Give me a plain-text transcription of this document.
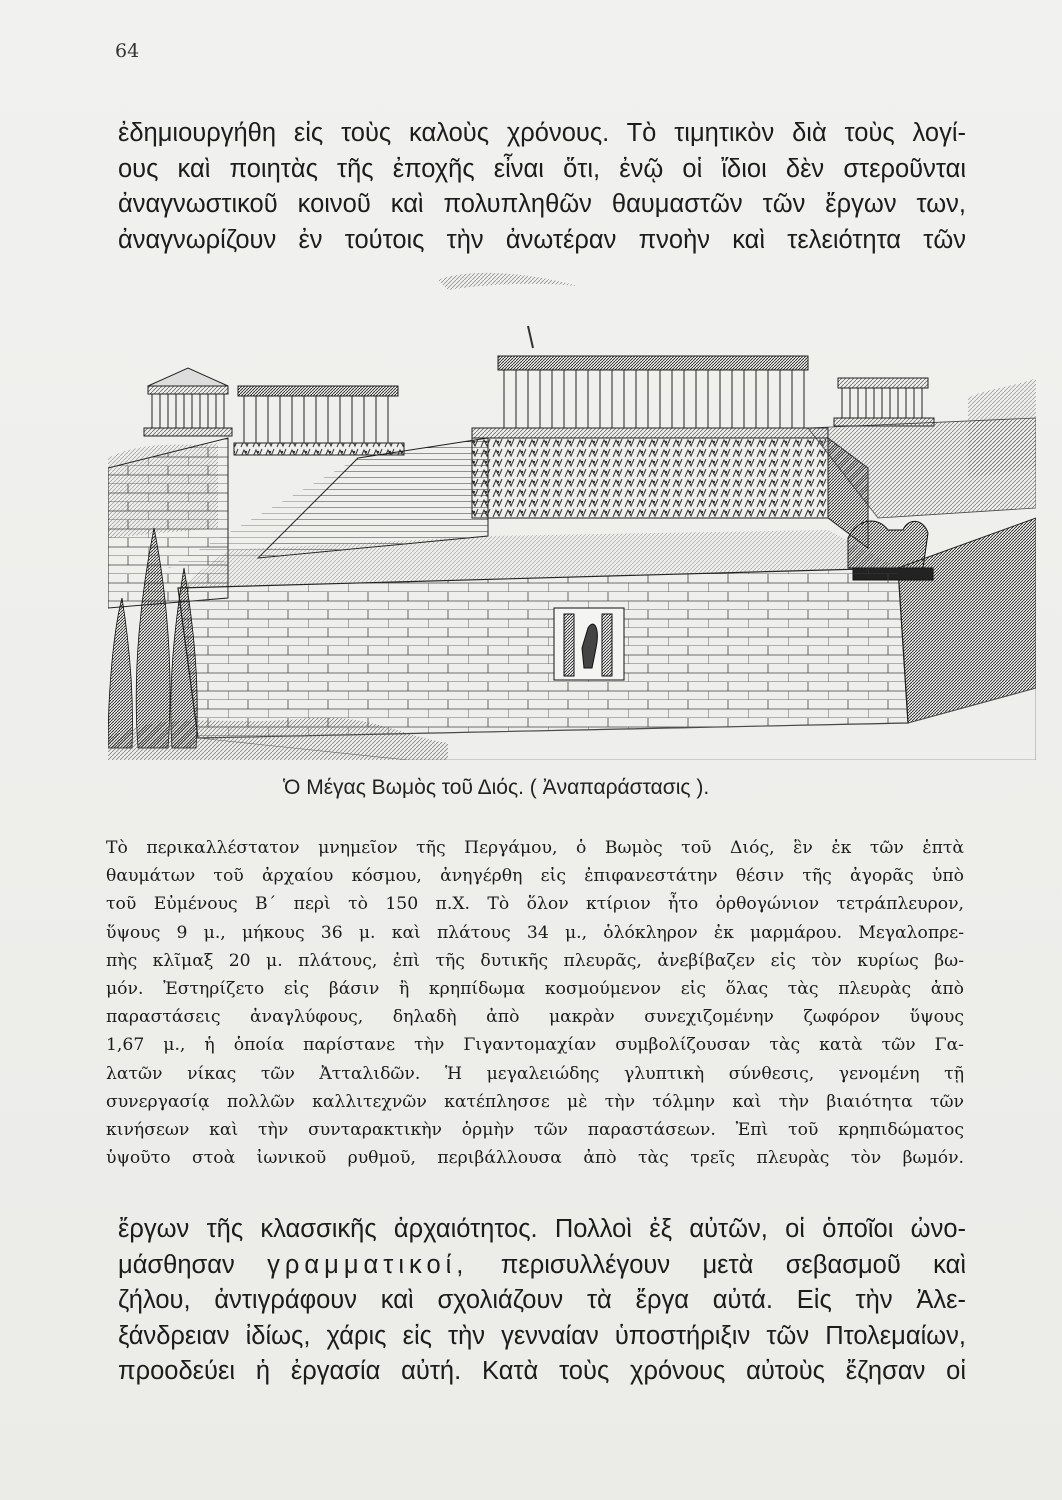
64
ἐδημιουργήθη εἰς τοὺς καλοὺς χρόνους. Τὸ τιμητικὸν διὰ τοὺς λογί-
ους καὶ ποιητὰς τῆς ἐποχῆς εἶναι ὅτι, ἐνῷ οἱ ἴδιοι δὲν στεροῦνται
ἀναγνωστικοῦ κοινοῦ καὶ πολυπληθῶν θαυμαστῶν τῶν ἔργων των,
ἀναγνωρίζουν ἐν τούτοις τὴν ἀνωτέραν πνοὴν καὶ τελειότητα τῶν
Ὁ Μέγας Βωμὸς τοῦ Διός. ( Ἀναπαράστασις ).
Τὸ περικαλλέστατον μνημεῖον τῆς Περγάμου, ὁ Βωμὸς τοῦ Διός, ἓν ἐκ τῶν ἑπτὰ
θαυμάτων τοῦ ἀρχαίου κόσμου, ἀνηγέρθη εἰς ἐπιφανεστάτην θέσιν τῆς ἀγορᾶς ὑπὸ
τοῦ Εὐμένους Β΄ περὶ τὸ 150 π.Χ. Τὸ ὅλον κτίριον ἦτο ὀρθογώνιον τετράπλευρον,
ὕψους 9 μ., μήκους 36 μ. καὶ πλάτους 34 μ., ὁλόκληρον ἐκ μαρμάρου. Μεγαλοπρε-
πὴς κλῖμαξ 20 μ. πλάτους, ἐπὶ τῆς δυτικῆς πλευρᾶς, ἀνεβίβαζεν εἰς τὸν κυρίως βω-
μόν. Ἐστηρίζετο εἰς βάσιν ἢ κρηπίδωμα κοσμούμενον εἰς ὅλας τὰς πλευρὰς ἀπὸ
παραστάσεις ἀναγλύφους, δηλαδὴ ἀπὸ μακρὰν συνεχιζομένην ζωφόρον ὕψους
1,67 μ., ἡ ὁποία παρίστανε τὴν Γιγαντομαχίαν συμβολίζουσαν τὰς κατὰ τῶν Γα-
λατῶν νίκας τῶν Ἀτταλιδῶν. Ἡ μεγαλειώδης γλυπτικὴ σύνθεσις, γενομένη τῇ
συνεργασίᾳ πολλῶν καλλιτεχνῶν κατέπλησσε μὲ τὴν τόλμην καὶ τὴν βιαιότητα τῶν
κινήσεων καὶ τὴν συνταρακτικὴν ὁρμὴν τῶν παραστάσεων. Ἐπὶ τοῦ κρηπιδώματος
ὑψοῦτο στοὰ ἰωνικοῦ ρυθμοῦ, περιβάλλουσα ἀπὸ τὰς τρεῖς πλευρὰς τὸν βωμόν.
ἔργων τῆς κλασσικῆς ἀρχαιότητος. Πολλοὶ ἐξ αὐτῶν, οἱ ὁποῖοι ὠνο-
μάσθησαν γραμματικοί, περισυλλέγουν μετὰ σεβασμοῦ καὶ
ζήλου, ἀντιγράφουν καὶ σχολιάζουν τὰ ἔργα αὐτά. Εἰς τὴν Ἀλε-
ξάνδρειαν ἰδίως, χάρις εἰς τὴν γενναίαν ὑποστήριξιν τῶν Πτολεμαίων,
προοδεύει ἡ ἐργασία αὐτή. Κατὰ τοὺς χρόνους αὐτοὺς ἔζησαν οἱ
